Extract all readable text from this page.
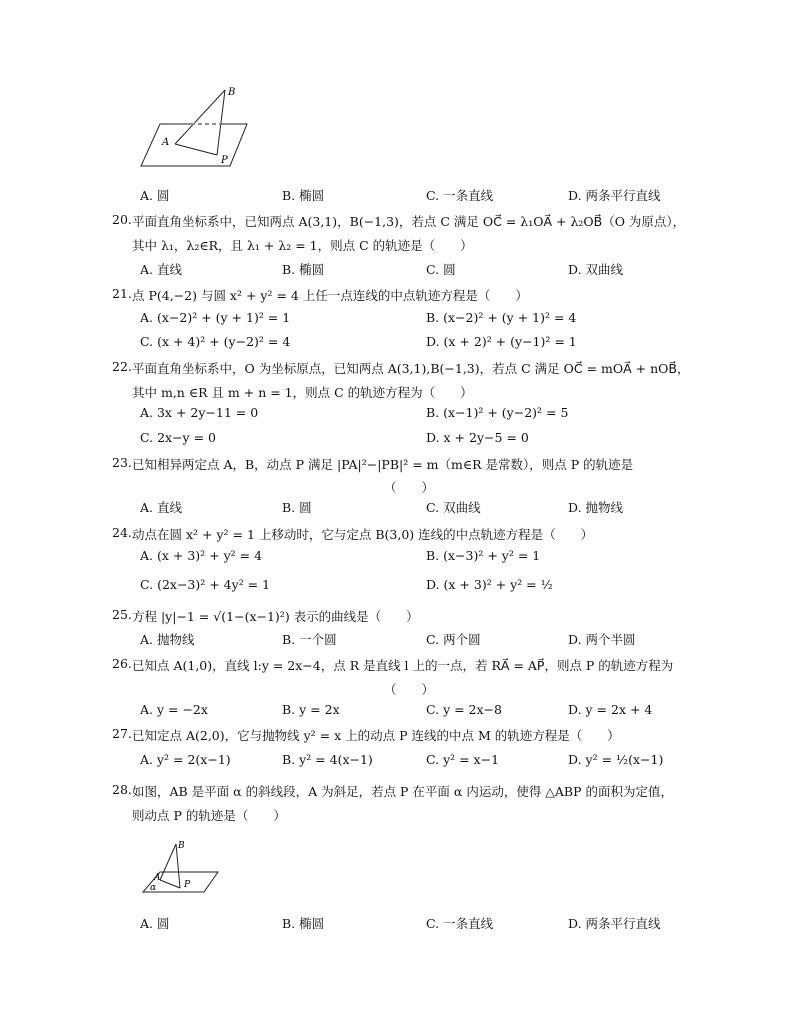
A
B
P
A. 圆	B. 椭圆	C. 一条直线	D. 两条平行直线
20. 平面直角坐标系中，已知两点 A(3,1)，B(−1,3)，若点 C 满足 OC⃗ = λ₁OA⃗ + λ₂OB⃗（O 为原点），
其中 λ₁，λ₂∈R，且 λ₁ + λ₂ = 1，则点 C 的轨迹是（　　）
A. 直线	B. 椭圆	C. 圆	D. 双曲线
21. 点 P(4,−2) 与圆 x² + y² = 4 上任一点连线的中点轨迹方程是（　　）
A. (x−2)² + (y + 1)² = 1	B. (x−2)² + (y + 1)² = 4
C. (x + 4)² + (y−2)² = 4	D. (x + 2)² + (y−1)² = 1
22. 平面直角坐标系中，O 为坐标原点，已知两点 A(3,1),B(−1,3)，若点 C 满足 OC⃗ = mOA⃗ + nOB⃗，
其中 m,n ∈R 且 m + n = 1，则点 C 的轨迹方程为（　　）
A. 3x + 2y−11 = 0	B. (x−1)² + (y−2)² = 5
C. 2x−y = 0	D. x + 2y−5 = 0
23. 已知相异两定点 A，B，动点 P 满足 |PA|²−|PB|² = m（m∈R 是常数），则点 P 的轨迹是
（　　）
A. 直线	B. 圆	C. 双曲线	D. 抛物线
24. 动点在圆 x² + y² = 1 上移动时，它与定点 B(3,0) 连线的中点轨迹方程是（　　）
A. (x + 3)² + y² = 4	B. (x−3)² + y² = 1
C. (2x−3)² + 4y² = 1	D. (x + 3)² + y² = ½
25. 方程 |y|−1 = √(1−(x−1)²) 表示的曲线是（　　）
A. 抛物线	B. 一个圆	C. 两个圆	D. 两个半圆
26. 已知点 A(1,0)，直线 l:y = 2x−4，点 R 是直线 l 上的一点，若 RA⃗ = AP⃗，则点 P 的轨迹方程为
（　　）
A. y = −2x	B. y = 2x	C. y = 2x−8	D. y = 2x + 4
27. 已知定点 A(2,0)，它与抛物线 y² = x 上的动点 P 连线的中点 M 的轨迹方程是（　　）
A. y² = 2(x−1)	B. y² = 4(x−1)	C. y² = x−1	D. y² = ½(x−1)
28. 如图，AB 是平面 α 的斜线段，A 为斜足，若点 P 在平面 α 内运动，使得 △ABP 的面积为定值，
则动点 P 的轨迹是（　　）
B
A
P
α
A. 圆	B. 椭圆	C. 一条直线	D. 两条平行直线
